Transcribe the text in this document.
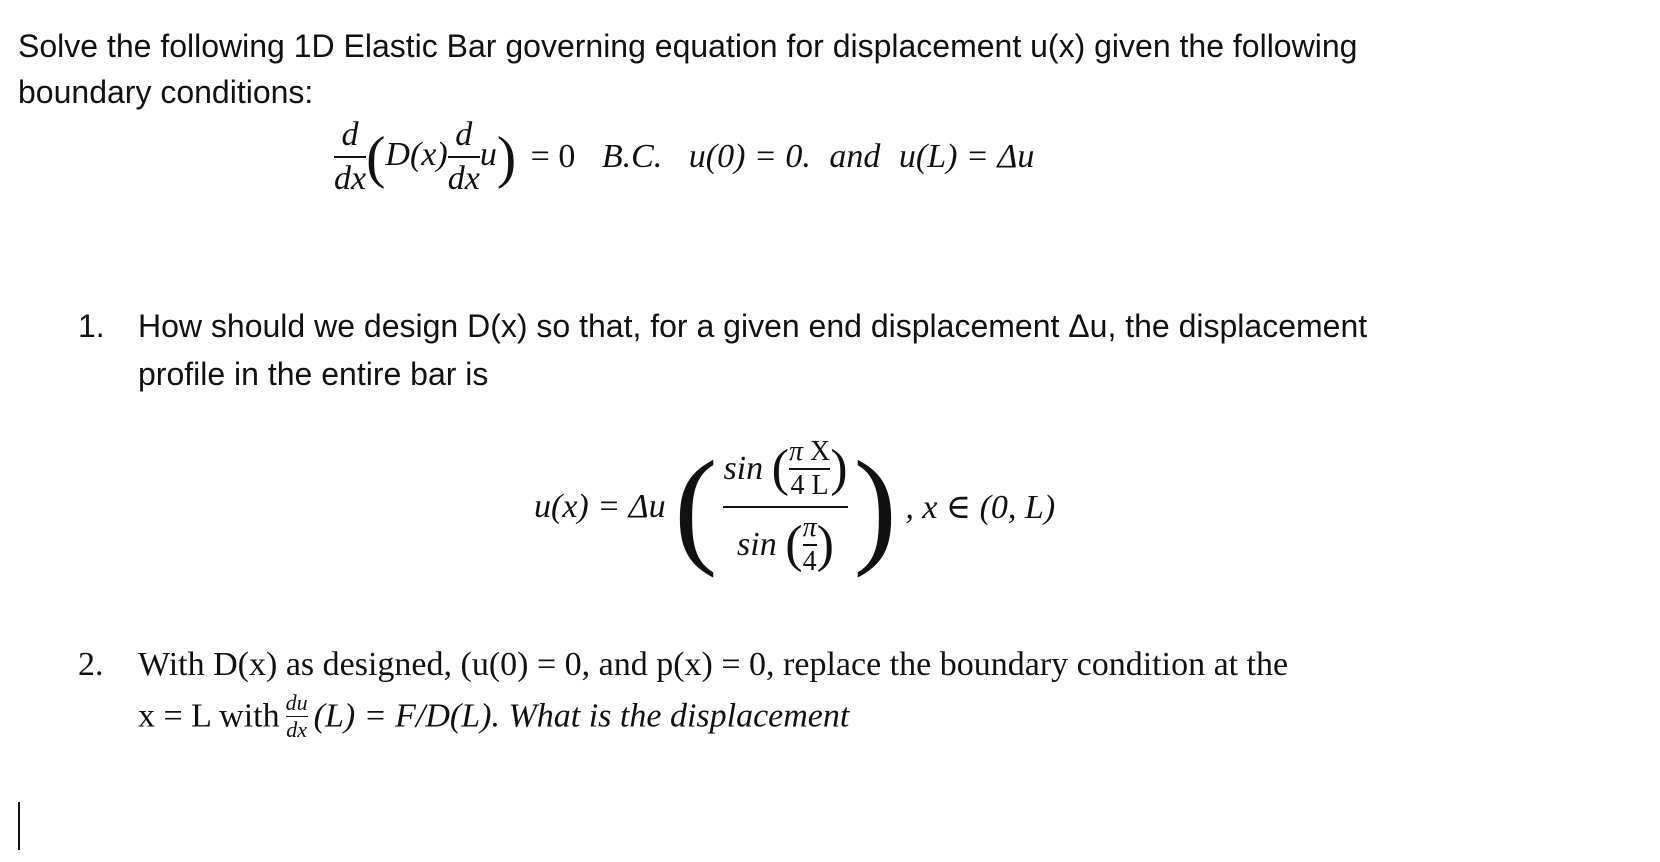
Solve the following 1D Elastic Bar governing equation for displacement u(x) given the following
boundary conditions:
$\frac{d}{dx} (D(x) \frac{d}{dx} u) = 0$ B.C. u(0) = 0. and u(L) = Δu
1. How should we design D(x) so that, for a given end displacement Δu, the displacement
profile in the entire bar is
u(x) = Δu ( $\frac{\sin ( \frac{\text{π X}}{4 L} )}{\sin ( \frac{\pi}{4} )}$ ) , x ∈ (0, L)
2. With D(x) as designed, (u(0) = 0, and p(x) = 0, replace the boundary condition at the
x = L with $\frac{du}{dx} (L) = F/D(L)$. What is the displacement
